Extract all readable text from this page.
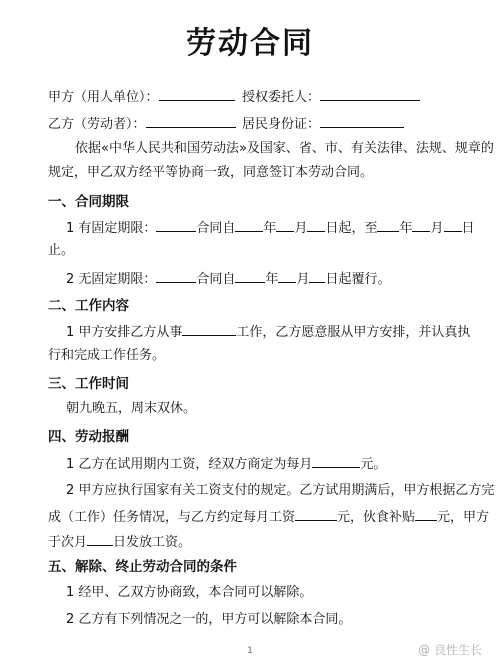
劳动合同
甲方（用人单位）：	授权委托人：
乙方（劳动者）：	居民身份证：
依据«中华人民共和国劳动法»及国家、省、市、有关法律、法规、规章的
规定，甲乙双方经平等协商一致，同意签订本劳动合同。
一、合同期限
1 有固定期限：	合同自 年 月 日起，至 年 月 日
止。
2 无固定期限：	合同自 年 月 日起覆行。
二、工作内容
1 甲方安排乙方从事	工作，乙方愿意服从甲方安排，并认真执
行和完成工作任务。
三、工作时间
朝九晚五，周末双休。
四、劳动报酬
1 乙方在试用期内工资，经双方商定为每月	元。
2 甲方应执行国家有关工资支付的规定。乙方试用期满后，甲方根据乙方完
成（工作）任务情况，与乙方约定每月工资	元，伙食补贴 元，甲方
于次月 日发放工资。
五、解除、终止劳动合同的条件
1 经甲、乙双方协商致，本合同可以解除。
2 乙方有下列情况之一的，甲方可以解除本合同。
1	@ 良性生长
